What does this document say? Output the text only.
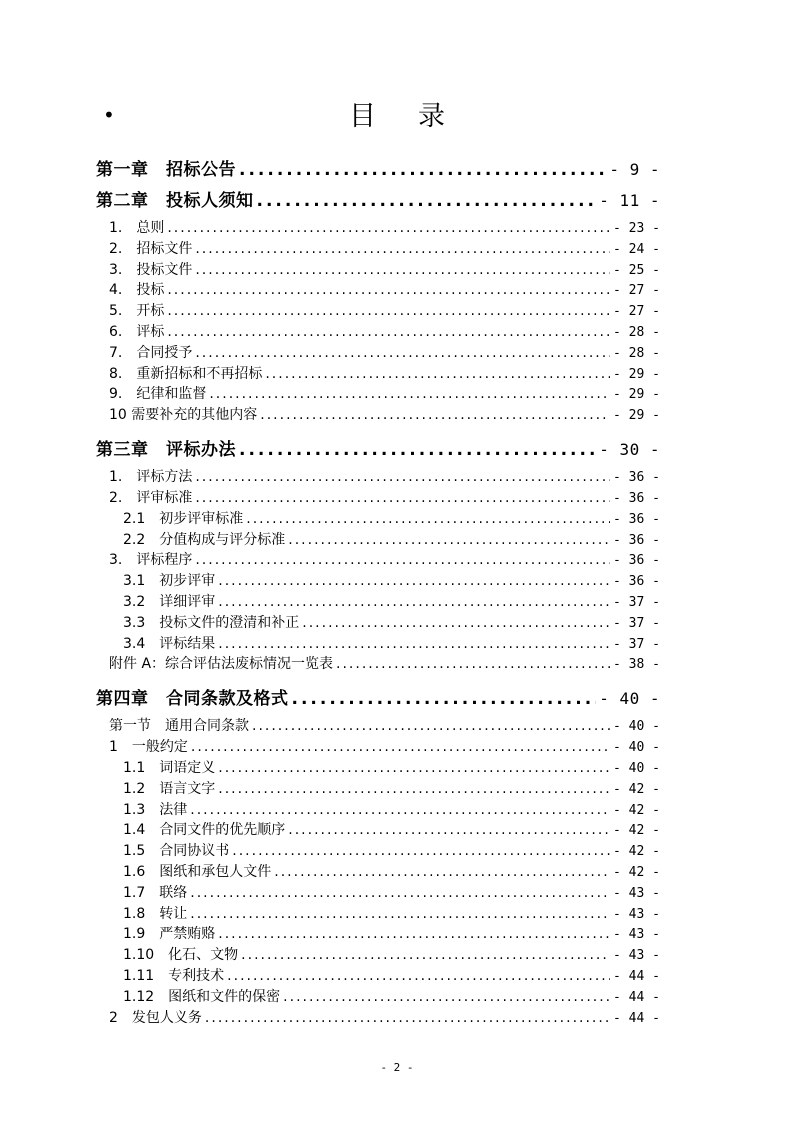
•	目录
第一章　招标公告 .....	- 9 -
第二章　投标人须知 .....	- 11 -
1.　总则 .....	- 23 -
2.　招标文件 .....	- 24 -
3.　投标文件 .....	- 25 -
4.　投标 .....	- 27 -
5.　开标 .....	- 27 -
6.　评标 .....	- 28 -
7.　合同授予 .....	- 28 -
8.　重新招标和不再招标 .....	- 29 -
9.　纪律和监督 .....	- 29 -
10 需要补充的其他内容 .....	- 29 -
第三章　评标办法 .....	- 30 -
1.　评标方法 .....	- 36 -
2.　评审标准 .....	- 36 -
2.1　初步评审标准 .....	- 36 -
2.2　分值构成与评分标准 .....	- 36 -
3.　评标程序 .....	- 36 -
3.1　初步评审 .....	- 36 -
3.2　详细评审 .....	- 37 -
3.3　投标文件的澄清和补正 .....	- 37 -
3.4　评标结果 .....	- 37 -
附件 A：综合评估法废标情况一览表 .....	- 38 -
第四章　合同条款及格式 .....	- 40 -
第一节　通用合同条款 .....	- 40 -
1　一般约定 .....	- 40 -
1.1　词语定义 .....	- 40 -
1.2　语言文字 .....	- 42 -
1.3　法律 .....	- 42 -
1.4　合同文件的优先顺序 .....	- 42 -
1.5　合同协议书 .....	- 42 -
1.6　图纸和承包人文件 .....	- 42 -
1.7　联络 .....	- 43 -
1.8　转让 .....	- 43 -
1.9　严禁贿赂 .....	- 43 -
1.10　化石、文物 .....	- 43 -
1.11　专利技术 .....	- 44 -
1.12　图纸和文件的保密 .....	- 44 -
2　发包人义务 .....	- 44 -
- 2 -
